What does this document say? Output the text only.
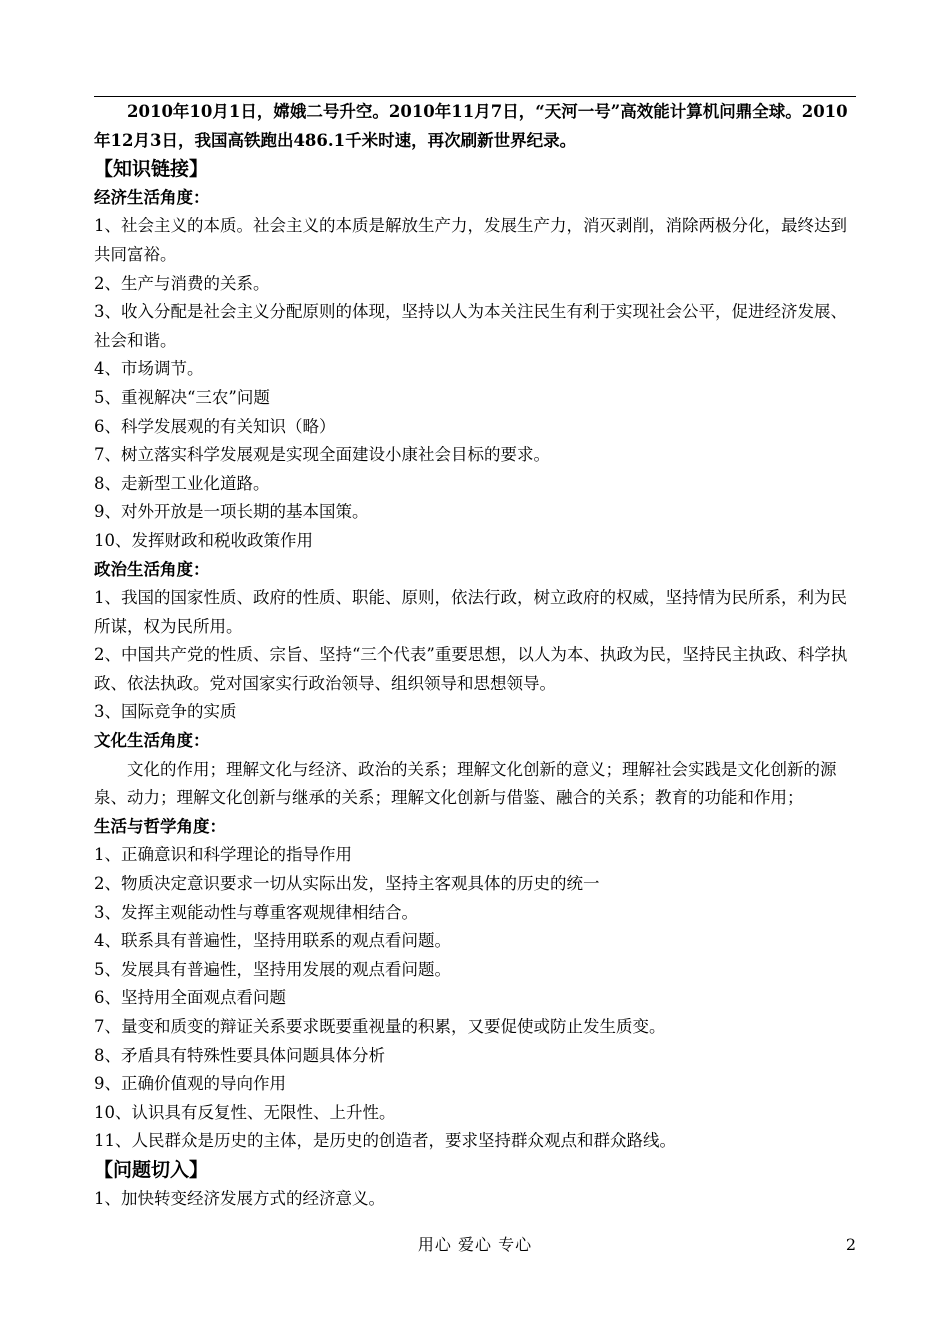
2010年10月1日，嫦娥二号升空。2010年11月7日，“天河一号”高效能计算机问鼎全球。2010年12月3日，我国高铁跑出486.1千米时速，再次刷新世界纪录。

【知识链接】

经济生活角度：

1、社会主义的本质。社会主义的本质是解放生产力，发展生产力，消灭剥削，消除两极分化，最终达到共同富裕。

2、生产与消费的关系。

3、收入分配是社会主义分配原则的体现，坚持以人为本关注民生有利于实现社会公平，促进经济发展、社会和谐。

4、市场调节。

5、重视解决“三农”问题

6、科学发展观的有关知识（略）

7、树立落实科学发展观是实现全面建设小康社会目标的要求。

8、走新型工业化道路。

9、对外开放是一项长期的基本国策。

10、发挥财政和税收政策作用

政治生活角度：

1、我国的国家性质、政府的性质、职能、原则，依法行政，树立政府的权威，坚持情为民所系，利为民所谋，权为民所用。

2、中国共产党的性质、宗旨、坚持“三个代表”重要思想，以人为本、执政为民，坚持民主执政、科学执政、依法执政。党对国家实行政治领导、组织领导和思想领导。

3、国际竞争的实质

文化生活角度：

文化的作用；理解文化与经济、政治的关系；理解文化创新的意义；理解社会实践是文化创新的源泉、动力；理解文化创新与继承的关系；理解文化创新与借鉴、融合的关系；教育的功能和作用；

生活与哲学角度：

1、正确意识和科学理论的指导作用

2、物质决定意识要求一切从实际出发，坚持主客观具体的历史的统一

3、发挥主观能动性与尊重客观规律相结合。

4、联系具有普遍性，坚持用联系的观点看问题。

5、发展具有普遍性，坚持用发展的观点看问题。

6、坚持用全面观点看问题

7、量变和质变的辩证关系要求既要重视量的积累，又要促使或防止发生质变。

8、矛盾具有特殊性要具体问题具体分析

9、正确价值观的导向作用

10、认识具有反复性、无限性、上升性。

11、人民群众是历史的主体，是历史的创造者，要求坚持群众观点和群众路线。

【问题切入】

1、加快转变经济发展方式的经济意义。

用心 爱心 专心	2
